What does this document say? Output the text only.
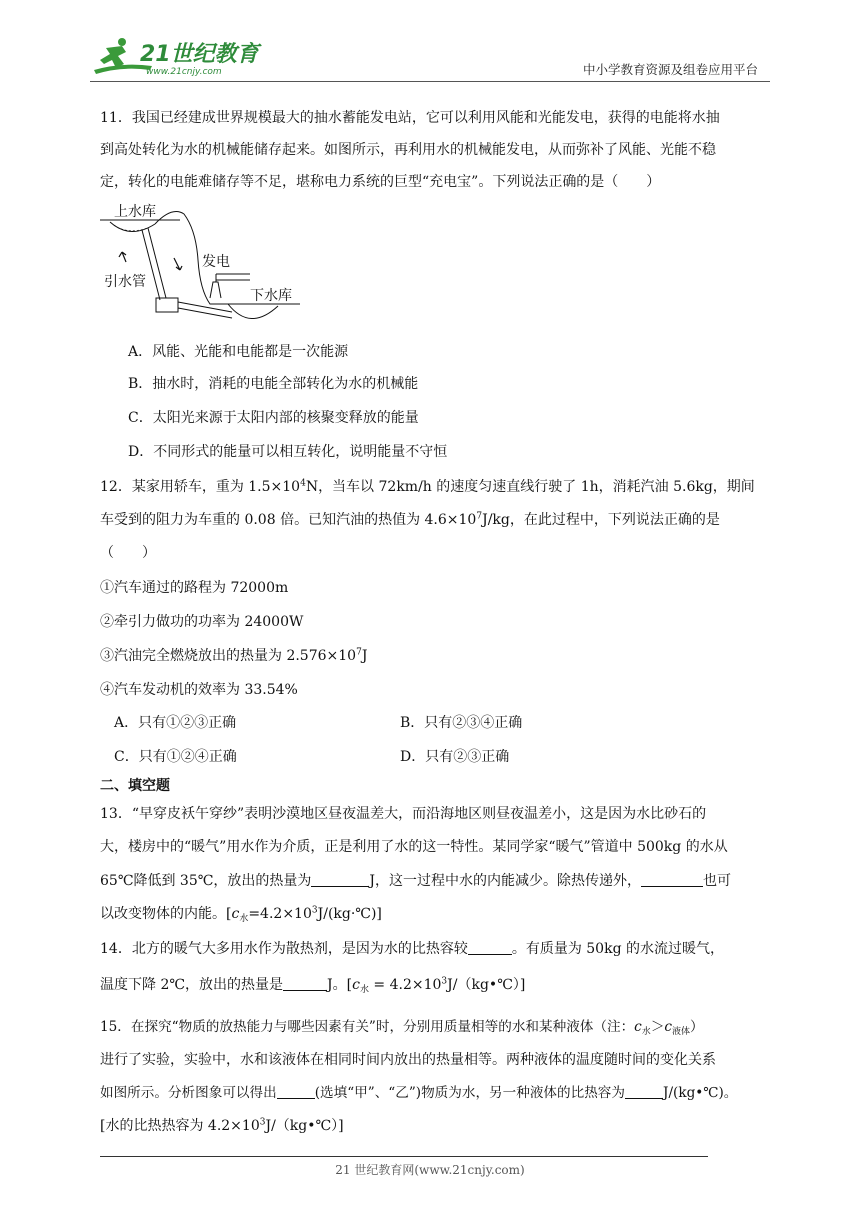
21世纪教育
www.21cnjy.com	中小学教育资源及组卷应用平台
11．我国已经建成世界规模最大的抽水蓄能发电站，它可以利用风能和光能发电，获得的电能将水抽
到高处转化为水的机械能储存起来。如图所示，再利用水的机械能发电，从而弥补了风能、光能不稳
定，转化的电能难储存等不足，堪称电力系统的巨型“充电宝”。下列说法正确的是（　　）
上水库
发电
引水管
下水库
A．风能、光能和电能都是一次能源
B．抽水时，消耗的电能全部转化为水的机械能
C．太阳光来源于太阳内部的核聚变释放的能量
D．不同形式的能量可以相互转化，说明能量不守恒
12．某家用轿车，重为 $1.5\times 10^4N$，当车以 72km/h 的速度匀速直线行驶了 1h，消耗汽油 5.6kg，期间
车受到的阻力为车重的 0.08 倍。已知汽油的热值为 $4.6\times 10^7J/kg$，在此过程中，下列说法正确的是
（　　）
①汽车通过的路程为 72000m
②牵引力做功的功率为 24000W
③汽油完全燃烧放出的热量为 $2.576\times 10^7J$
④汽车发动机的效率为 33.54%
A．只有①②③正确	B．只有②③④正确
C．只有①②④正确	D．只有②③正确
二、填空题
13．“早穿皮袄午穿纱”表明沙漠地区昼夜温差大，而沿海地区则昼夜温差小，这是因为水比砂石的
大，楼房中的“暖气”用水作为介质，正是利用了水的这一特性。某同学家“暖气”管道中 500kg 的水从
65℃降低到 35℃，放出的热量为	J，这一过程中水的内能减少。除热传递外，	也可
以改变物体的内能。$[c_水=4.2\times 10^3J/(kg\cdot℃)]$
14．北方的暖气大多用水作为散热剂，是因为水的比热容较	。有质量为 50kg 的水流过暖气，
温度下降 2℃，放出的热量是	J。[$c_水$ = $4.2\times 10^3J/(kg•℃)$]
15．在探究“物质的放热能力与哪些因素有关”时，分别用质量相等的水和某种液体（注：$c_水>c_{液体}$）
进行了实验，实验中，水和该液体在相同时间内放出的热量相等。两种液体的温度随时间的变化关系
如图所示。分析图象可以得出	(选填“甲”、“乙”)物质为水，另一种液体的比热容为	J/(kg•℃)。
[水的比热热容为 $4.2\times 10^3J/(kg•℃)$]
21 世纪教育网(www.21cnjy.com)
